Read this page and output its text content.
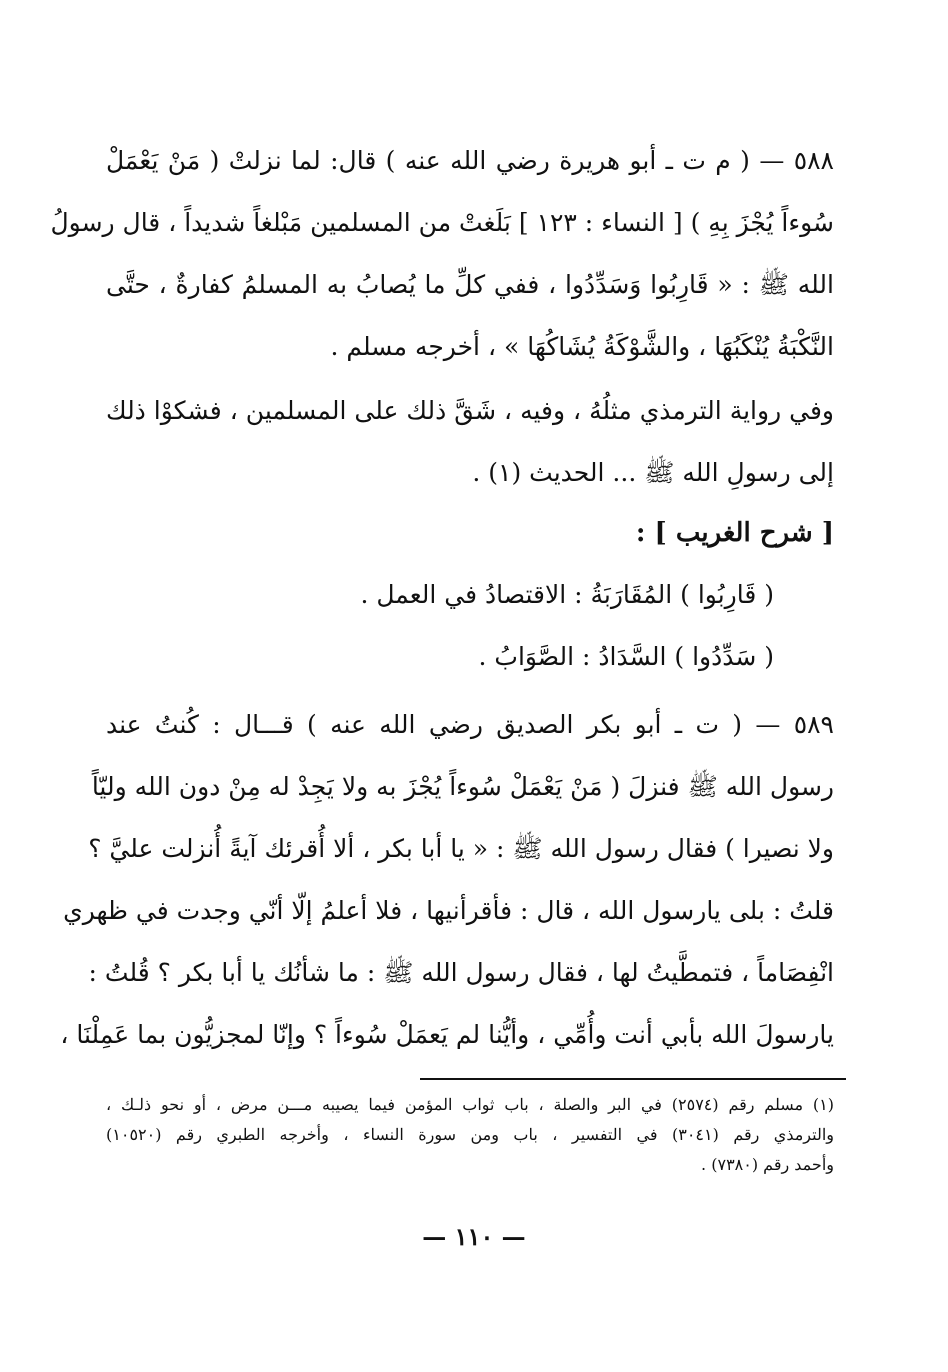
٥٨٨ — ( م ت ـ أبو هريرة رضي الله عنه ) قال: لما نزلتْ ( مَنْ يَعْمَلْ
سُوءاً يُجْزَ بِهِ ) [ النساء : ١٢٣ ] بَلَغتْ من المسلمين مَبْلغاً شديداً ، قال رسولُ
الله ﷺ : « قَارِبُوا وَسَدِّدُوا ، ففي كلِّ ما يُصابُ به المسلمُ كفارةٌ ، حتَّى
النَّكْبَةُ يُنْكَبُهَا ، والشَّوْكَةُ يُشَاكُهَا » ، أخرجه مسلم .
وفي رواية الترمذي مثلُهُ ، وفيه ، شَقَّ ذلك على المسلمين ، فشكوْا ذلك
إلى رسولِ الله ﷺ ... الحديث (١) .
[ شرح الغريب ] :
( قَارِبُوا ) المُقَارَبَةُ : الاقتصادُ في العمل .
( سَدِّدُوا ) السَّدَادُ : الصَّوَابُ .
٥٨٩ — ( ت ـ أبو بكر الصديق رضي الله عنه ) قـــال : كُنتُ عند
رسول الله ﷺ فنزلَ ( مَنْ يَعْمَلْ سُوءاً يُجْزَ به ولا يَجِدْ له مِنْ دون الله وليّاً
ولا نصيرا ) فقال رسول الله ﷺ : « يا أبا بكر ، ألا أُقرئك آيةً أُنزلت عليَّ ؟
قلتُ : بلى يارسول الله ، قال : فأقرأنيها ، فلا أعلمُ إلّا أنّي وجدت في ظهري
انْفِصَاماً ، فتمطَّيتُ لها ، فقال رسول الله ﷺ : ما شأنُك يا أبا بكر ؟ قُلتُ :
يارسولَ الله بأبي أنت وأُمِّي ، وأيُّنا لم يَعمَلْ سُوءاً ؟ وإنّا لمجزيُّون بما عَمِلْنَا ،
(١) مسلم رقم (٢٥٧٤) في البر والصلة ، باب ثواب المؤمن فيما يصيبه مـــن مرض ، أو نحو ذلـك ،
والترمذي رقم (٣٠٤١) في التفسير ، باب ومن سورة النساء ، وأخرجه الطبري رقم (١٠٥٢٠)
وأحمد رقم (٧٣٨٠) .
— ١١٠ —
